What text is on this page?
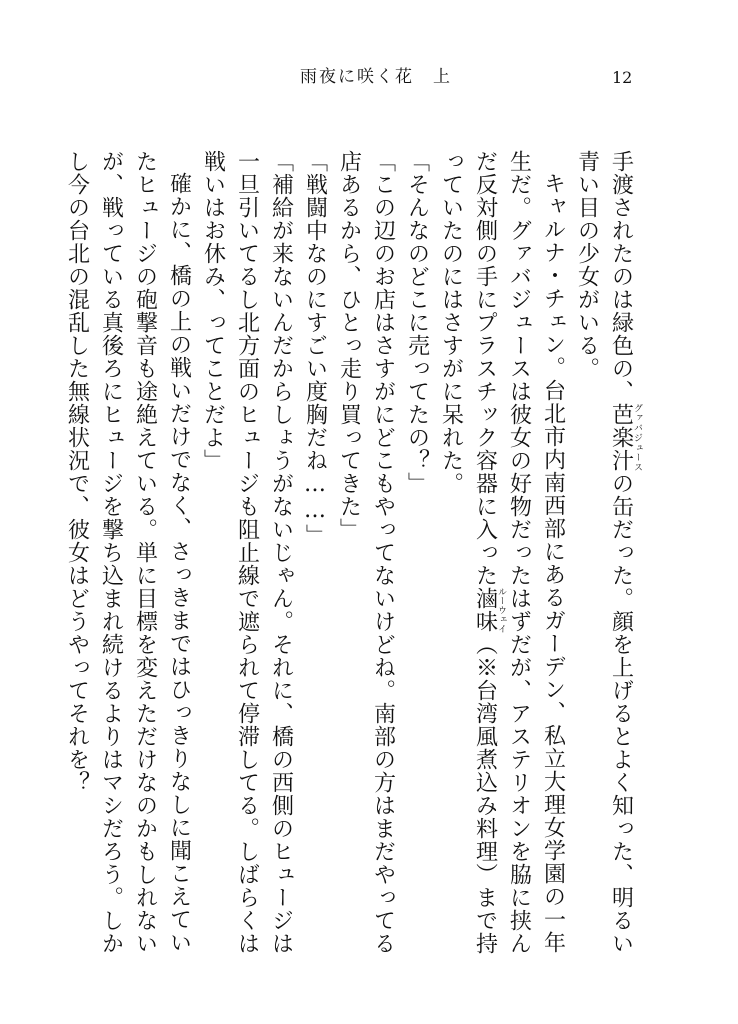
雨夜に咲く花　上	12

手渡されたのは緑色の、芭楽汁グァバジュースの缶だった。顔を上げるとよく知った、明るい青い目の少女がいる。

キャルナ・チェン。台北市内南西部にあるガーデン、私立大理女学園の一年生だ。グァバジュースは彼女の好物だったはずだが、アステリオンを脇に挟んだ反対側の手にプラスチック容器に入った滷味ルーウェイ（※台湾風煮込み料理）まで持っていたのにはさすがに呆れた。

「そんなのどこに売ってたの？」

「この辺のお店はさすがにどこもやってないけどね。南部の方はまだやってる店あるから、ひとっ走り買ってきた」

「戦闘中なのにすごい度胸だね……」

「補給が来ないんだからしょうがないじゃん。それに、橋の西側のヒュージは一旦引いてるし北方面のヒュージも阻止線で遮られて停滞してる。しばらくは戦いはお休み、ってことだよ」

確かに、橋の上の戦いだけでなく、さっきまではひっきりなしに聞こえていたヒュージの砲撃音も途絶えている。単に目標を変えただけなのかもしれないが、戦っている真後ろにヒュージを撃ち込まれ続けるよりはマシだろう。しかし今の台北の混乱した無線状況で、彼女はどうやってそれを？
